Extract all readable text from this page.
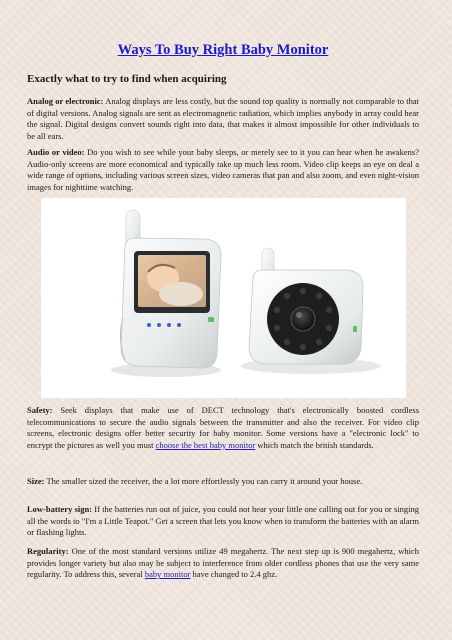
Ways To Buy Right Baby Monitor
Exactly what to try to find when acquiring

Analog or electronic: Analog displays are less costly, but the sound top quality is normally not comparable to that of digital versions. Analog signals are sent as electromagnetic radiation, which implies anybody in array could hear the signal. Digital designs convert sounds right into data, that makes it almost impossible for other individuals to be all ears.

Audio or video: Do you wish to see while your baby sleeps, or merely see to it you can hear when he awakens? Audio-only screens are more economical and typically take up much less room. Video clip keeps an eye on deal a wide range of options, including various screen sizes, video cameras that pan and also zoom, and even night-vision images for nighttime watching.

Safety: Seek displays that make use of DECT technology that's electronically boosted cordless telecommunications to secure the audio signals between the transmitter and also the receiver. For video clip screens, electronic designs offer better security for baby monitor. Some versions have a "electronic lock" to encrypt the pictures as well you must choose the best baby monitor which match the british standards.

Size: The smaller sized the receiver, the a lot more effortlessly you can carry it around your house.

Low-battery sign: If the batteries run out of juice, you could not hear your little one calling out for you or singing all the words to "I'm a Little Teapot." Get a screen that lets you know when to transform the batteries with an alarm or flashing lights.

Regularity: One of the most standard versions utilize 49 megahertz. The next step up is 900 megahertz, which provides longer variety but also may be subject to interference from older cordless phones that use the very same regularity. To address this, several baby monitor have changed to 2.4 ghz.
